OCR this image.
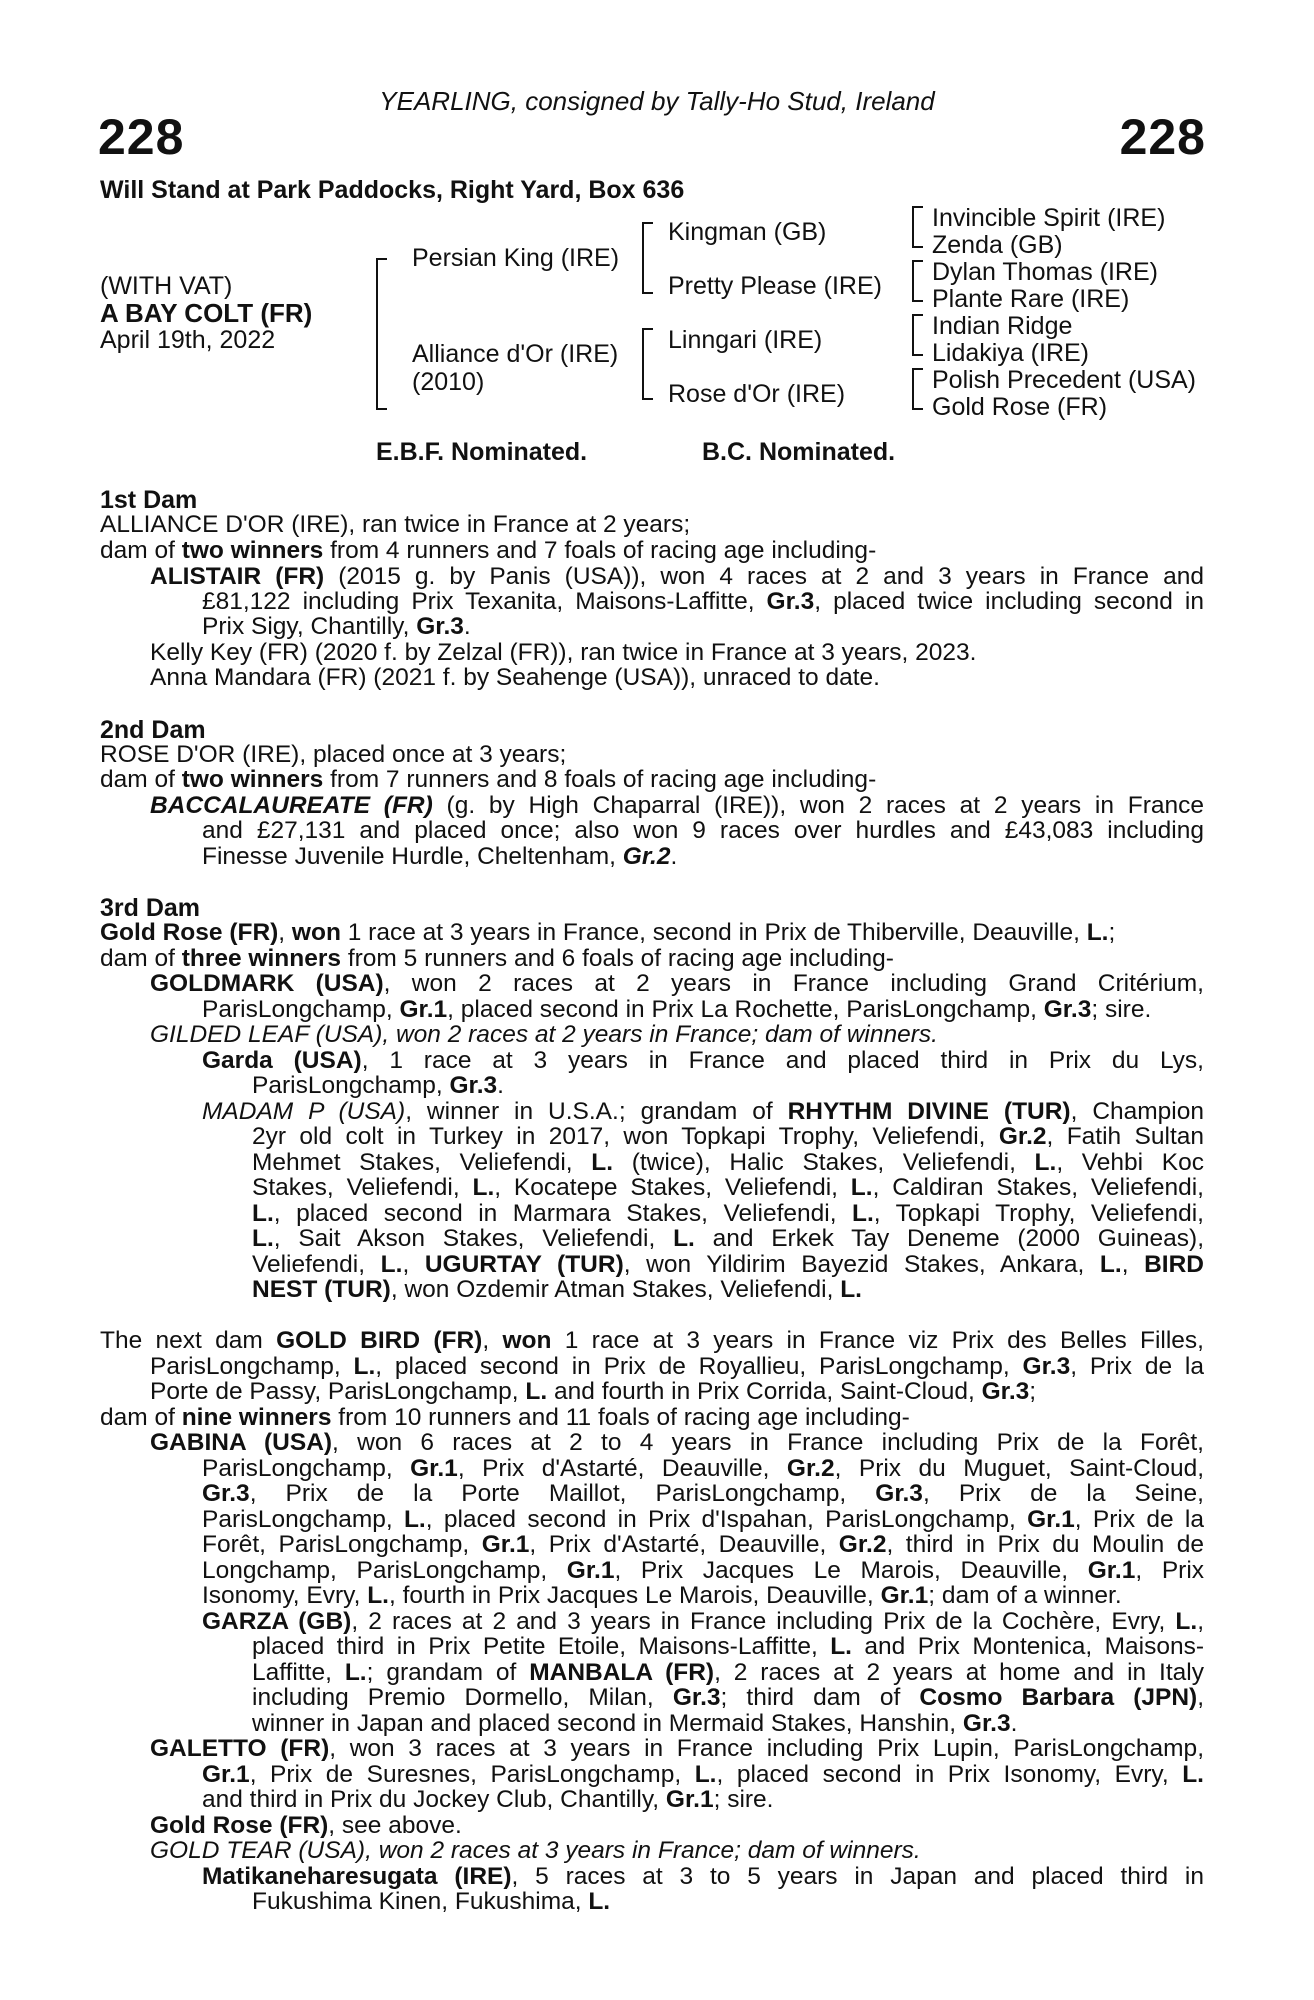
YEARLING, consigned by Tally-Ho Stud, Ireland
228	228
Will Stand at Park Paddocks, Right Yard, Box 636
(WITH VAT)
A BAY COLT (FR)
April 19th, 2022
Persian King (IRE)
Alliance d'Or (IRE)
(2010)
Kingman (GB)
Pretty Please (IRE)
Linngari (IRE)
Rose d'Or (IRE)
Invincible Spirit (IRE)
Zenda (GB)
Dylan Thomas (IRE)
Plante Rare (IRE)
Indian Ridge
Lidakiya (IRE)
Polish Precedent (USA)
Gold Rose (FR)
E.B.F. Nominated.	B.C. Nominated.
1st Dam
ALLIANCE D'OR (IRE), ran twice in France at 2 years;
dam of two winners from 4 runners and 7 foals of racing age including-
ALISTAIR (FR) (2015 g. by Panis (USA)), won 4 races at 2 and 3 years in France and
£81,122 including Prix Texanita, Maisons-Laffitte, Gr.3, placed twice including second in
Prix Sigy, Chantilly, Gr.3.
Kelly Key (FR) (2020 f. by Zelzal (FR)), ran twice in France at 3 years, 2023.
Anna Mandara (FR) (2021 f. by Seahenge (USA)), unraced to date.
2nd Dam
ROSE D'OR (IRE), placed once at 3 years;
dam of two winners from 7 runners and 8 foals of racing age including-
BACCALAUREATE (FR) (g. by High Chaparral (IRE)), won 2 races at 2 years in France
and £27,131 and placed once; also won 9 races over hurdles and £43,083 including
Finesse Juvenile Hurdle, Cheltenham, Gr.2.
3rd Dam
Gold Rose (FR), won 1 race at 3 years in France, second in Prix de Thiberville, Deauville, L.;
dam of three winners from 5 runners and 6 foals of racing age including-
GOLDMARK (USA), won 2 races at 2 years in France including Grand Critérium,
ParisLongchamp, Gr.1, placed second in Prix La Rochette, ParisLongchamp, Gr.3; sire.
GILDED LEAF (USA), won 2 races at 2 years in France; dam of winners.
Garda (USA), 1 race at 3 years in France and placed third in Prix du Lys,
ParisLongchamp, Gr.3.
MADAM P (USA), winner in U.S.A.; grandam of RHYTHM DIVINE (TUR), Champion
2yr old colt in Turkey in 2017, won Topkapi Trophy, Veliefendi, Gr.2, Fatih Sultan
Mehmet Stakes, Veliefendi, L. (twice), Halic Stakes, Veliefendi, L., Vehbi Koc
Stakes, Veliefendi, L., Kocatepe Stakes, Veliefendi, L., Caldiran Stakes, Veliefendi,
L., placed second in Marmara Stakes, Veliefendi, L., Topkapi Trophy, Veliefendi,
L., Sait Akson Stakes, Veliefendi, L. and Erkek Tay Deneme (2000 Guineas),
Veliefendi, L., UGURTAY (TUR), won Yildirim Bayezid Stakes, Ankara, L., BIRD
NEST (TUR), won Ozdemir Atman Stakes, Veliefendi, L.
The next dam GOLD BIRD (FR), won 1 race at 3 years in France viz Prix des Belles Filles,
ParisLongchamp, L., placed second in Prix de Royallieu, ParisLongchamp, Gr.3, Prix de la
Porte de Passy, ParisLongchamp, L. and fourth in Prix Corrida, Saint-Cloud, Gr.3;
dam of nine winners from 10 runners and 11 foals of racing age including-
GABINA (USA), won 6 races at 2 to 4 years in France including Prix de la Forêt,
ParisLongchamp, Gr.1, Prix d'Astarté, Deauville, Gr.2, Prix du Muguet, Saint-Cloud,
Gr.3, Prix de la Porte Maillot, ParisLongchamp, Gr.3, Prix de la Seine,
ParisLongchamp, L., placed second in Prix d'Ispahan, ParisLongchamp, Gr.1, Prix de la
Forêt, ParisLongchamp, Gr.1, Prix d'Astarté, Deauville, Gr.2, third in Prix du Moulin de
Longchamp, ParisLongchamp, Gr.1, Prix Jacques Le Marois, Deauville, Gr.1, Prix
Isonomy, Evry, L., fourth in Prix Jacques Le Marois, Deauville, Gr.1; dam of a winner.
GARZA (GB), 2 races at 2 and 3 years in France including Prix de la Cochère, Evry, L.,
placed third in Prix Petite Etoile, Maisons-Laffitte, L. and Prix Montenica, Maisons-
Laffitte, L.; grandam of MANBALA (FR), 2 races at 2 years at home and in Italy
including Premio Dormello, Milan, Gr.3; third dam of Cosmo Barbara (JPN),
winner in Japan and placed second in Mermaid Stakes, Hanshin, Gr.3.
GALETTO (FR), won 3 races at 3 years in France including Prix Lupin, ParisLongchamp,
Gr.1, Prix de Suresnes, ParisLongchamp, L., placed second in Prix Isonomy, Evry, L.
and third in Prix du Jockey Club, Chantilly, Gr.1; sire.
Gold Rose (FR), see above.
GOLD TEAR (USA), won 2 races at 3 years in France; dam of winners.
Matikaneharesugata (IRE), 5 races at 3 to 5 years in Japan and placed third in
Fukushima Kinen, Fukushima, L.
